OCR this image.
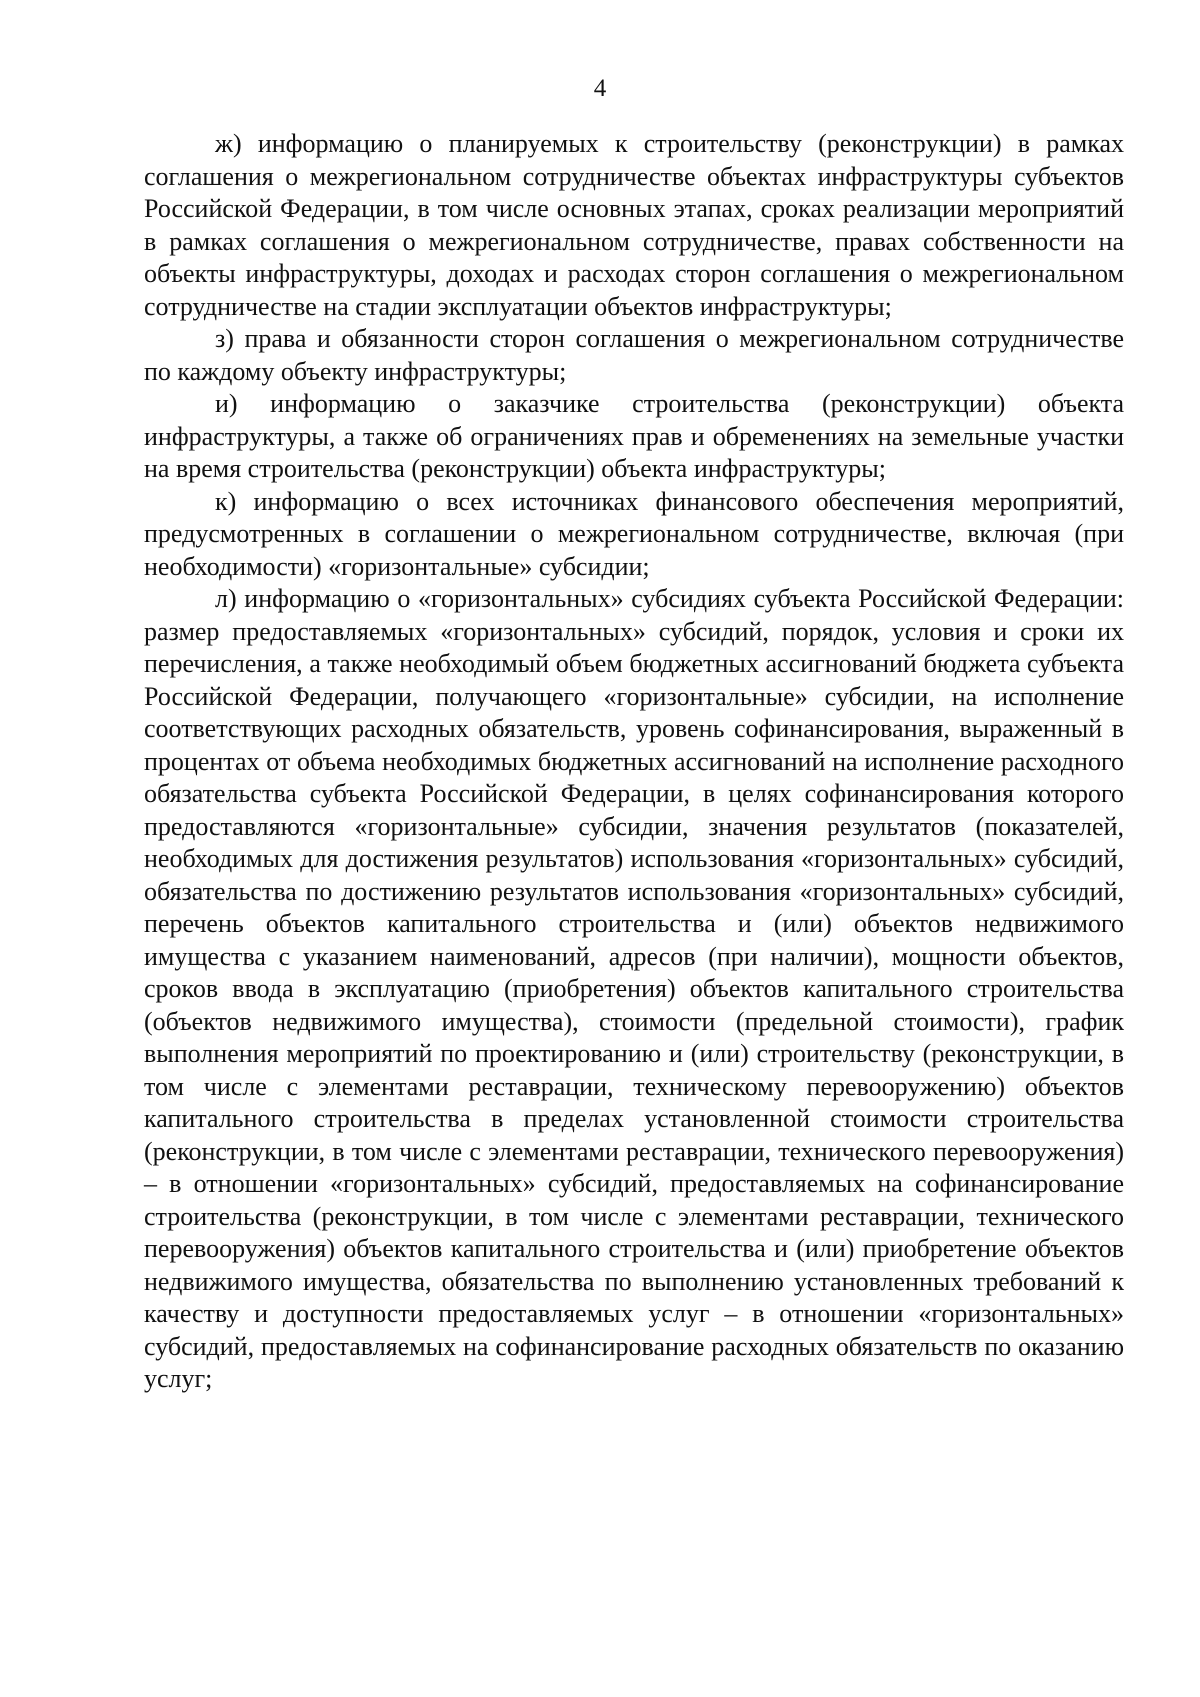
4

ж) информацию о планируемых к строительству (реконструкции) в рамках соглашения о межрегиональном сотрудничестве объектах инфраструктуры субъектов Российской Федерации, в том числе основных этапах, сроках реализации мероприятий в рамках соглашения о межрегиональном сотрудничестве, правах собственности на объекты инфраструктуры, доходах и расходах сторон соглашения о межрегиональном сотрудничестве на стадии эксплуатации объектов инфраструктуры;

з) права и обязанности сторон соглашения о межрегиональном сотрудничестве по каждому объекту инфраструктуры;

и) информацию о заказчике строительства (реконструкции) объекта инфраструктуры, а также об ограничениях прав и обременениях на земельные участки на время строительства (реконструкции) объекта инфраструктуры;

к) информацию о всех источниках финансового обеспечения мероприятий, предусмотренных в соглашении о межрегиональном сотрудничестве, включая (при необходимости) «горизонтальные» субсидии;

л) информацию о «горизонтальных» субсидиях субъекта Российской Федерации: размер предоставляемых «горизонтальных» субсидий, порядок, условия и сроки их перечисления, а также необходимый объем бюджетных ассигнований бюджета субъекта Российской Федерации, получающего «горизонтальные» субсидии, на исполнение соответствующих расходных обязательств, уровень софинансирования, выраженный в процентах от объема необходимых бюджетных ассигнований на исполнение расходного обязательства субъекта Российской Федерации, в целях софинансирования которого предоставляются «горизонтальные» субсидии, значения результатов (показателей, необходимых для достижения результатов) использования «горизонтальных» субсидий, обязательства по достижению результатов использования «горизонтальных» субсидий, перечень объектов капитального строительства и (или) объектов недвижимого имущества с указанием наименований, адресов (при наличии), мощности объектов, сроков ввода в эксплуатацию (приобретения) объектов капитального строительства (объектов недвижимого имущества), стоимости (предельной стоимости), график выполнения мероприятий по проектированию и (или) строительству (реконструкции, в том числе с элементами реставрации, техническому перевооружению) объектов капитального строительства в пределах установленной стоимости строительства (реконструкции, в том числе с элементами реставрации, технического перевооружения) – в отношении «горизонтальных» субсидий, предоставляемых на софинансирование строительства (реконструкции, в том числе с элементами реставрации, технического перевооружения) объектов капитального строительства и (или) приобретение объектов недвижимого имущества, обязательства по выполнению установленных требований к качеству и доступности предоставляемых услуг – в отношении «горизонтальных» субсидий, предоставляемых на софинансирование расходных обязательств по оказанию услуг;
